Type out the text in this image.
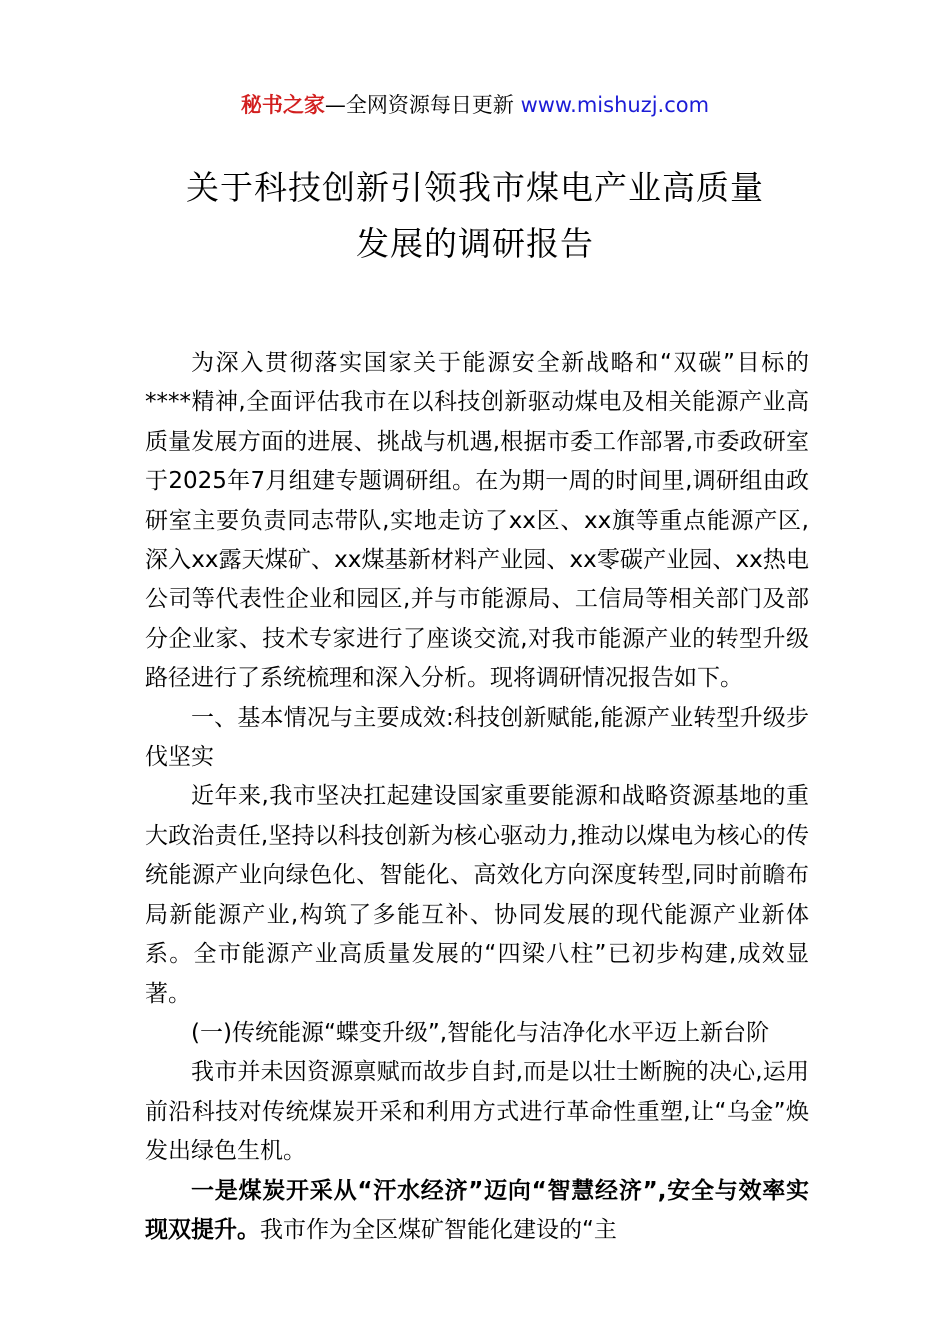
秘书之家—全网资源每日更新 www.mishuzj.com
关于科技创新引领我市煤电产业高质量
发展的调研报告

为深入贯彻落实国家关于能源安全新战略和“双碳”目标的****精神,全面评估我市在以科技创新驱动煤电及相关能源产业高质量发展方面的进展、挑战与机遇,根据市委工作部署,市委政研室于2025年7月组建专题调研组。在为期一周的时间里,调研组由政研室主要负责同志带队,实地走访了xx区、xx旗等重点能源产区,深入xx露天煤矿、xx煤基新材料产业园、xx零碳产业园、xx热电公司等代表性企业和园区,并与市能源局、工信局等相关部门及部分企业家、技术专家进行了座谈交流,对我市能源产业的转型升级路径进行了系统梳理和深入分析。现将调研情况报告如下。

一、基本情况与主要成效:科技创新赋能,能源产业转型升级步伐坚实

近年来,我市坚决扛起建设国家重要能源和战略资源基地的重大政治责任,坚持以科技创新为核心驱动力,推动以煤电为核心的传统能源产业向绿色化、智能化、高效化方向深度转型,同时前瞻布局新能源产业,构筑了多能互补、协同发展的现代能源产业新体系。全市能源产业高质量发展的“四梁八柱”已初步构建,成效显著。

(一)传统能源“蝶变升级”,智能化与洁净化水平迈上新台阶

我市并未因资源禀赋而故步自封,而是以壮士断腕的决心,运用前沿科技对传统煤炭开采和利用方式进行革命性重塑,让“乌金”焕发出绿色生机。

一是煤炭开采从“汗水经济”迈向“智慧经济”,安全与效率实现双提升。我市作为全区煤矿智能化建设的“主
